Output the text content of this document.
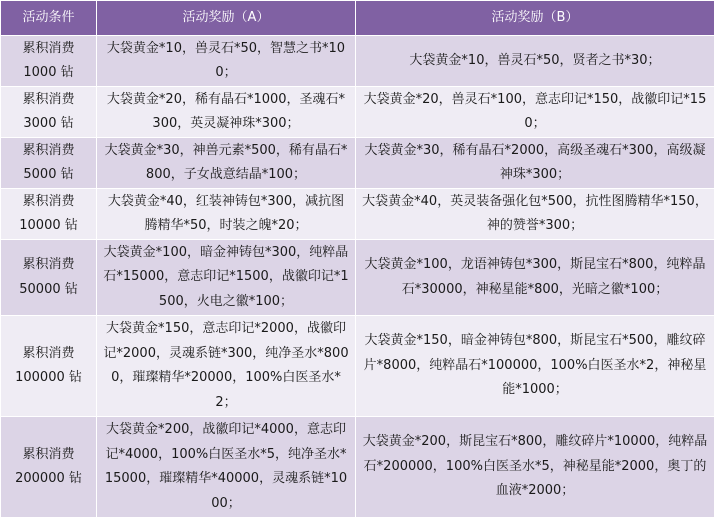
活动条件	活动奖励（A）	活动奖励（B）

累积消费
1000 钻	大袋黄金*10，兽灵石*50，智慧之书*100；	大袋黄金*10，兽灵石*50，贤者之书*30；

累积消费
3000 钻	大袋黄金*20，稀有晶石*1000，圣魂石*300，英灵凝神珠*300；	大袋黄金*20，兽灵石*100，意志印记*150，战徽印记*150；

累积消费
5000 钻	大袋黄金*30，神兽元素*500，稀有晶石*800，子女战意结晶*100；	大袋黄金*30，稀有晶石*2000，高级圣魂石*300，高级凝神珠*300；

累积消费
10000 钻	大袋黄金*40，红装神铸包*300，减抗图腾精华*50，时装之魄*20；	大袋黄金*40，英灵装备强化包*500，抗性图腾精华*150，神的赞誉*300；

累积消费
50000 钻	大袋黄金*100，暗金神铸包*300，纯粹晶石*15000，意志印记*1500，战徽印记*1500，火电之徽*100；	大袋黄金*100，龙语神铸包*300，斯昆宝石*800，纯粹晶石*30000，神秘星能*800，光暗之徽*100；

累积消费
100000 钻	大袋黄金*150，意志印记*2000，战徽印记*2000，灵魂系链*300，纯净圣水*8000，璀璨精华*20000，100%白医圣水*2；	大袋黄金*150，暗金神铸包*800，斯昆宝石*500，雕纹碎片*8000，纯粹晶石*100000，100%白医圣水*2，神秘星能*1000；

累积消费
200000 钻	大袋黄金*200，战徽印记*4000，意志印记*4000，100%白医圣水*5，纯净圣水*15000，璀璨精华*40000，灵魂系链*1000；	大袋黄金*200，斯昆宝石*800，雕纹碎片*10000，纯粹晶石*200000，100%白医圣水*5，神秘星能*2000，奥丁的血液*2000；
